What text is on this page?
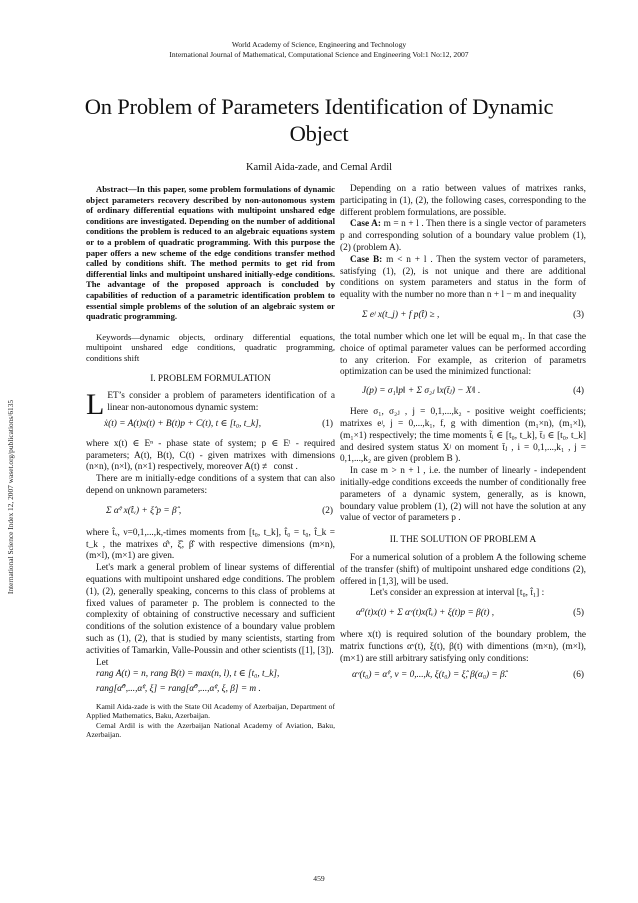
World Academy of Science, Engineering and Technology
International Journal of Mathematical, Computational Science and Engineering Vol:1 No:12, 2007
International Science Index 12, 2007 waset.org/publications/6135
On Problem of Parameters Identification of Dynamic Object
Kamil Aida-zade, and Cemal Ardil

Abstract—In this paper, some problem formulations of dynamic object parameters recovery described by non-autonomous system of ordinary differential equations with multipoint unshared edge conditions are investigated. Depending on the number of additional conditions the problem is reduced to an algebraic equations system or to a problem of quadratic programming. With this purpose the paper offers a new scheme of the edge conditions transfer method called by conditions shift. The method permits to get rid from differential links and multipoint unshared initially-edge conditions. The advantage of the proposed approach is concluded by capabilities of reduction of a parametric identification problem to essential simple problems of the solution of an algebraic system or quadratic programming.

Keywords—dynamic objects, ordinary differential equations, multipoint unshared edge conditions, quadratic programming, conditions shift

I. PROBLEM FORMULATION

LET’s consider a problem of parameters identification of a linear non-autonomous dynamic system:

ẋ(t) = A(t)x(t) + B(t)p + C(t), t ∈ [t₀, t_k],	(1)

where x(t) ∈ Eⁿ - phase state of system; p ∈ Eˡ - required parameters; A(t), B(t), C(t) - given matrixes with dimensions (n×n), (n×l), (n×1) respectively, moreover A(t) ≢ const .

There are m initially-edge conditions of a system that can also depend on unknown parameters:

Σ α̂ᵛ x(t̂ᵥ) + ξ̂ p = β̂ ,	(2)

where t̂ᵥ, ν=0,1,...,k,-times moments from [t₀, t_k], t̂₀ = t₀, t̂_k = t_k , the matrixes α̂ᵛ, ξ̂, β̂ with respective dimensions (m×n), (m×l), (m×1) are given.

Let's mark a general problem of linear systems of differential equations with multipoint unshared edge conditions. The problem (1), (2), generally speaking, concerns to this class of problems at fixed values of parameter p. The problem is connected to the complexity of obtaining of constructive necessary and sufficient conditions of the solution existence of a boundary value problem such as (1), (2), that is studied by many scientists, starting from activities of Tamarkin, Valle-Poussin and other scientists ([1], [3]).

Let

rang A(t) = n, rang B(t) = max(n, l), t ∈ [t₀, t_k],

rang[α̂⁰,...,α̂ᵏ, ξ] = rang[α̂⁰,...,α̂ᵏ, ξ, β] = m .

Kamil Aida-zade is with the State Oil Academy of Azerbaijan, Department of Applied Mathematics, Baku, Azerbaijan.

Cemal Ardil is with the Azerbaijan National Academy of Aviation, Baku, Azerbaijan.

Depending on a ratio between values of matrixes ranks, participating in (1), (2), the following cases, corresponding to the different problem formulations, are possible.

Case A: m = n + l . Then there is a single vector of parameters p and corresponding solution of a boundary value problem (1), (2) (problem A).

Case B: m < n + l . Then the system vector of parameters, satisfying (1), (2), is not unique and there are additional conditions on system parameters and status in the form of equality with the number no more than n + l − m and inequality

Σ eʲ x(t_j) + f p(t̂) ≥ ,	(3)

the total number which one let will be equal m₁. In that case the choice of optimal parameter values can be performed according to any criterion. For example, as criterion of parametrs optimization can be used the minimized functional:

J(p) = σ₁‖p‖ + Σ σ₂ⱼ ‖x(t̄ⱼ) − Xʲ‖ .	(4)

Here σ₁, σ₂ⱼ , j = 0,1,...,k₂ - positive weight coefficients; matrixes eʲ, j = 0,...,k₁, f, g with dimention (m₁×n), (m₁×l), (m₁×1) respectively; the time moments t̃ᵢ ∈ [t₀, t_k], t̄ⱼ ∈ [t₀, t_k] and desired system status Xʲ on moment t̄ⱼ , i = 0,1,...,k₁ , j = 0,1,...,k₂ are given (problem B ).

In case m > n + l , i.e. the number of linearly - independent initially-edge conditions exceeds the number of conditionally free parameters of a dynamic system, generally, as is known, boundary value problem (1), (2) will not have the solution at any value of vector of parameters p .

II. THE SOLUTION OF PROBLEM A

For a numerical solution of a problem A the following scheme of the transfer (shift) of multipoint unshared edge conditions (2), offered in [1,3], will be used.

Let's consider an expression at interval [t₀, t̂₁] :

α⁰(t)x(t) + Σ αᵛ(t)x(t̂ᵥ) + ξ(t)p = β(t) ,	(5)

where x(t) is required solution of the boundary problem, the matrix functions αᵛ(t), ξ(t), β(t) with dimentions (m×n), (m×l), (m×1) are still arbitrary satisfying only conditions:

αᵛ(t₀) = α̂ᵛ, ν = 0,...,k, ξ(t₀) = ξ̂, β(α₀) = β̂.	(6)
459
